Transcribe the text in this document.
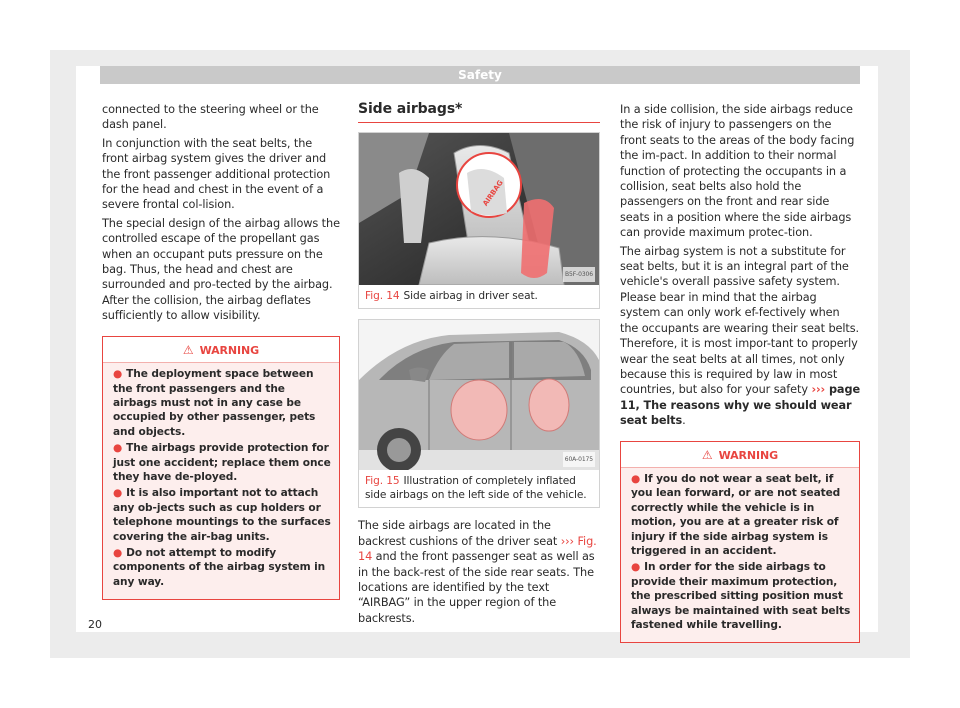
Safety

connected to the steering wheel or the dash panel.

In conjunction with the seat belts, the front airbag system gives the driver and the front passenger additional protection for the head and chest in the event of a severe frontal col-lision.

The special design of the airbag allows the controlled escape of the propellant gas when an occupant puts pressure on the bag. Thus, the head and chest are surrounded and pro-tected by the airbag. After the collision, the airbag deflates sufficiently to allow visibility.

⚠ WARNING
● The deployment space between the front passengers and the airbags must not in any case be occupied by other passenger, pets and objects.
● The airbags provide protection for just one accident; replace them once they have de-ployed.
● It is also important not to attach any ob-jects such as cup holders or telephone mountings to the surfaces covering the air-bag units.
● Do not attempt to modify components of the airbag system in any way.
Side airbags*
AIRBAG
B5F-0306
Fig. 14 Side airbag in driver seat.
60A-0175
Fig. 15 Illustration of completely inflated side airbags on the left side of the vehicle.

The side airbags are located in the backrest cushions of the driver seat ››› Fig. 14 and the front passenger seat as well as in the back-rest of the side rear seats. The locations are identified by the text “AIRBAG” in the upper region of the backrests.

In a side collision, the side airbags reduce the risk of injury to passengers on the front seats to the areas of the body facing the im-pact. In addition to their normal function of protecting the occupants in a collision, seat belts also hold the passengers on the front and rear side seats in a position where the side airbags can provide maximum protec-tion.

The airbag system is not a substitute for seat belts, but it is an integral part of the vehicle's overall passive safety system. Please bear in mind that the airbag system can only work ef-fectively when the occupants are wearing their seat belts. Therefore, it is most impor-tant to properly wear the seat belts at all times, not only because this is required by law in most countries, but also for your safety ››› page 11, The reasons why we should wear seat belts.

⚠ WARNING
● If you do not wear a seat belt, if you lean forward, or are not seated correctly while the vehicle is in motion, you are at a greater risk of injury if the side airbag system is triggered in an accident.
● In order for the side airbags to provide their maximum protection, the prescribed sitting position must always be maintained with seat belts fastened while travelling.
20
